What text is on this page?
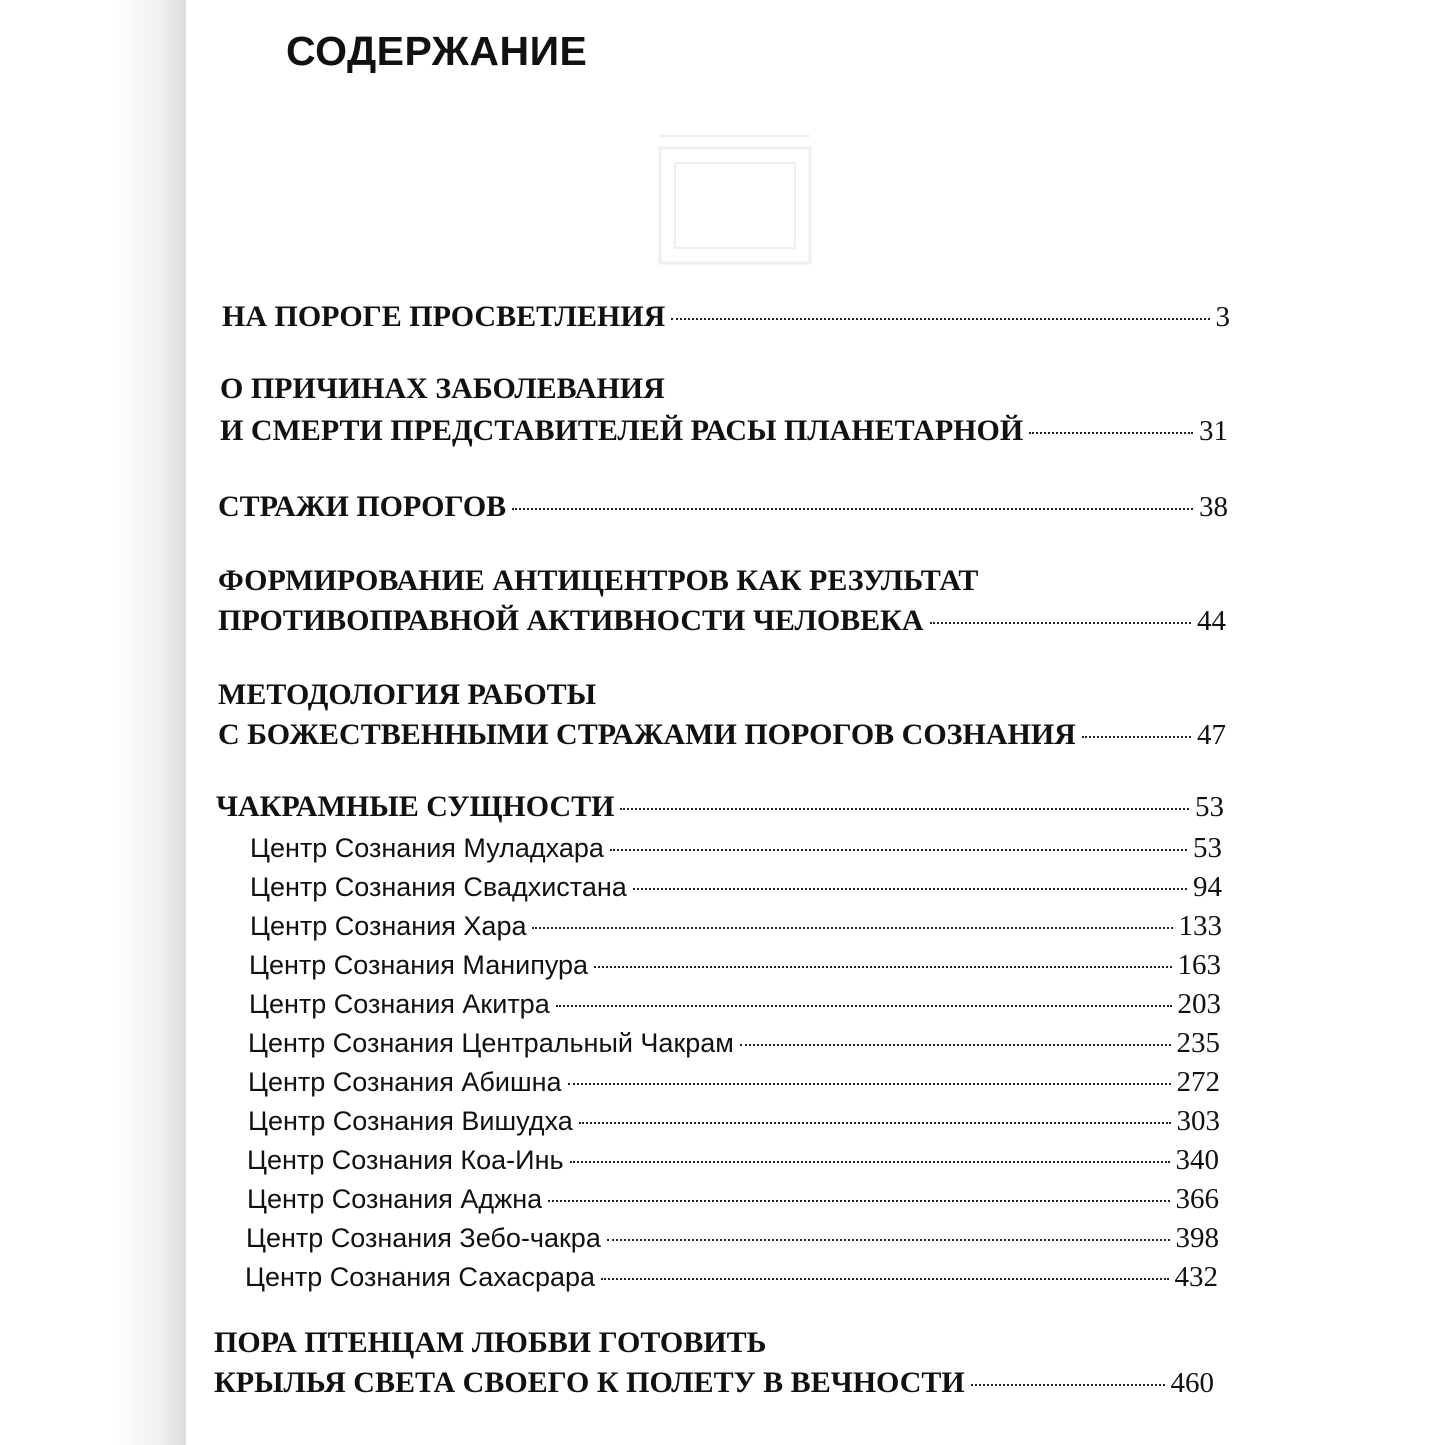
СОДЕРЖАНИЕ
НА ПОРОГЕ ПРОСВЕТЛЕНИЯ	3
О ПРИЧИНАХ ЗАБОЛЕВАНИЯ
И СМЕРТИ ПРЕДСТАВИТЕЛЕЙ РАСЫ ПЛАНЕТАРНОЙ	31
СТРАЖИ ПОРОГОВ	38
ФОРМИРОВАНИЕ АНТИЦЕНТРОВ КАК РЕЗУЛЬТАТ
ПРОТИВОПРАВНОЙ АКТИВНОСТИ ЧЕЛОВЕКА	44
МЕТОДОЛОГИЯ РАБОТЫ
С БОЖЕСТВЕННЫМИ СТРАЖАМИ ПОРОГОВ СОЗНАНИЯ	47
ЧАКРАМНЫЕ СУЩНОСТИ	53
Центр Сознания Муладхара	53
Центр Сознания Свадхистана	94
Центр Сознания Хара	133
Центр Сознания Манипура	163
Центр Сознания Акитра	203
Центр Сознания Центральный Чакрам	235
Центр Сознания Абишна	272
Центр Сознания Вишудха	303
Центр Сознания Коа-Инь	340
Центр Сознания Аджна	366
Центр Сознания Зебо-чакра	398
Центр Сознания Сахасрара	432
ПОРА ПТЕНЦАМ ЛЮБВИ ГОТОВИТЬ
КРЫЛЬЯ СВЕТА СВОЕГО К ПОЛЕТУ В ВЕЧНОСТИ	460
